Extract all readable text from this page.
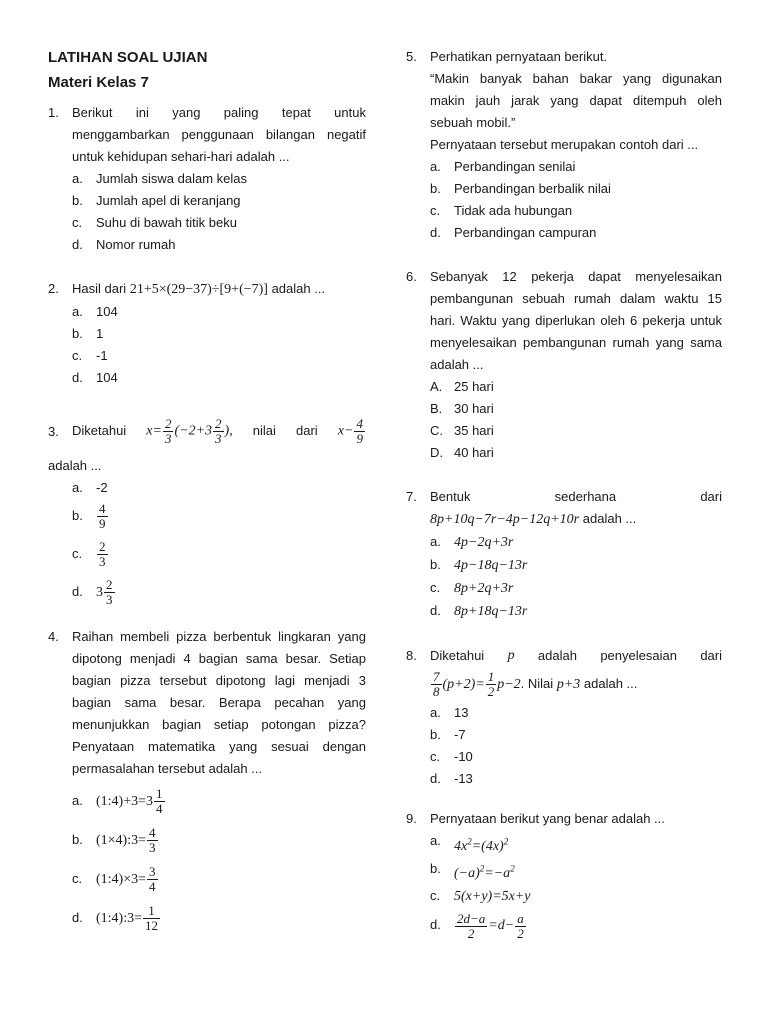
LATIHAN SOAL UJIAN
Materi Kelas 7
1. Berikut ini yang paling tepat untuk menggambarkan penggunaan bilangan negatif untuk kehidupan sehari-hari adalah ...
a. Jumlah siswa dalam kelas
b. Jumlah apel di keranjang
c. Suhu di bawah titik beku
d. Nomor rumah
2. Hasil dari 21+5×(29−37)÷[9+(−7)] adalah ...
a. 104
b. 1
c. -1
d. 104
3. Diketahui $x= \frac{2}{3} (-2+3 \frac{2}{3}$ ), nilai dari $x- \frac{4}{9}$
adalah ...
a. -2
b. $\frac{4}{9}$
c. $\frac{2}{3}$
d. $3 \frac{2}{3}$
4. Raihan membeli pizza berbentuk lingkaran yang dipotong menjadi 4 bagian sama besar. Setiap bagian pizza tersebut dipotong lagi menjadi 3 bagian sama besar. Berapa pecahan yang menunjukkan bagian setiap potongan pizza? Penyataan matematika yang sesuai dengan permasalahan tersebut adalah ...
a. (1:4)+3=3 $\frac{1}{4}$
b. (1×4):3= $\frac{4}{3}$
c. (1:4)×3= $\frac{3}{4}$
d. (1:4):3= $\frac{1}{12}$
5. Perhatikan pernyataan berikut.
“Makin banyak bahan bakar yang digunakan makin jauh jarak yang dapat ditempuh oleh sebuah mobil.”
Pernyataan tersebut merupakan contoh dari ...
a. Perbandingan senilai
b. Perbandingan berbalik nilai
c. Tidak ada hubungan
d. Perbandingan campuran
6. Sebanyak 12 pekerja dapat menyelesaikan pembangunan sebuah rumah dalam waktu 15 hari. Waktu yang diperlukan oleh 6 pekerja untuk menyelesaikan pembangunan rumah yang sama adalah ...
A. 25 hari
B. 30 hari
C. 35 hari
D. 40 hari
7. Bentuk	sederhana	dari
8p+10q−7r−4p−12q+10r adalah ...
a. 4p−2q+3r
b. 4p−18q−13r
c. 8p+2q+3r
d. 8p+18q−13r
8. Diketahui p adalah penyelesaian dari
$\frac{7}{8} (p+2)= \frac{1}{2} p-2$. Nilai p+3 adalah ...
a. 13
b. -7
c. -10
d. -13
9. Pernyataan berikut yang benar adalah ...
a. $4x^2=(4x)^2$
b. $(-a)^2=-a^2$
c. 5(x+y)=5x+y
d. $\frac{2d-a}{2} =d- \frac{a}{2}$
